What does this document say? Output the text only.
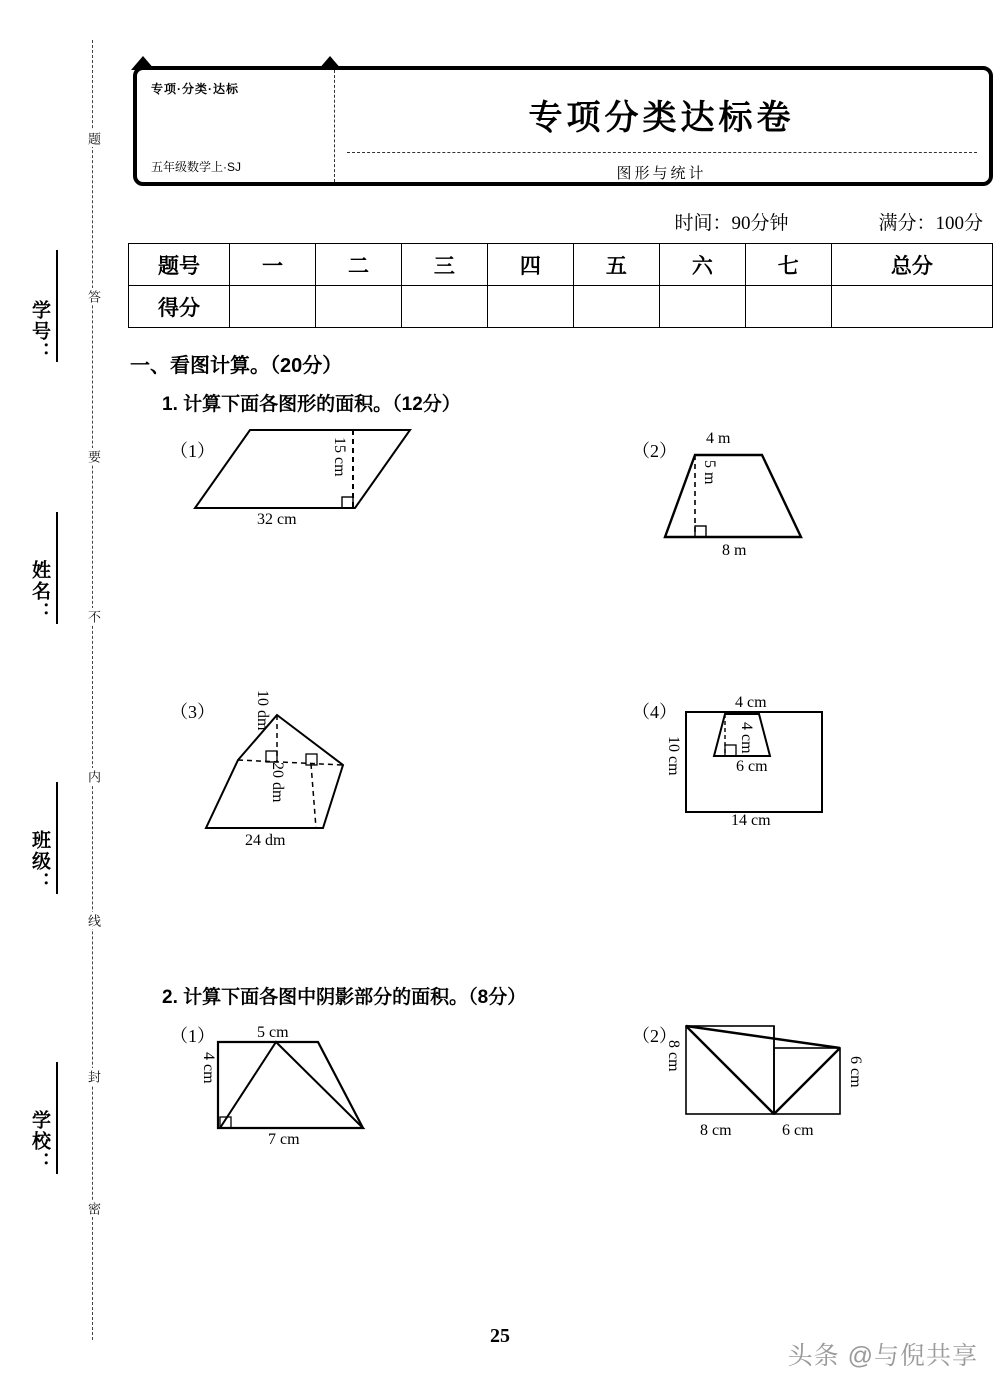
学号：
姓名：
班级：
学校：
题
答
要
不
内
线
封
密
专项·分类·达标
五年级数学上·SJ
专项分类达标卷
图形与统计
时间：90分钟	满分：100分
题号	一	二	三	四	五	六	七	总分
得分								
一、看图计算。（20分）
1. 计算下面各图形的面积。（12分）
（1）	15 cm
32 cm
（2）
4 m
5 m
8 m
（3） 10 dm
20 dm
24 dm
（4）	4 cm
4 cm
6 cm
10 cm
14 cm
2. 计算下面各图中阴影部分的面积。（8分）
（1）	5 cm
4 cm
7 cm
（2）
8 cm
6 cm
8 cm	6 cm
25
头条 @与倪共享
